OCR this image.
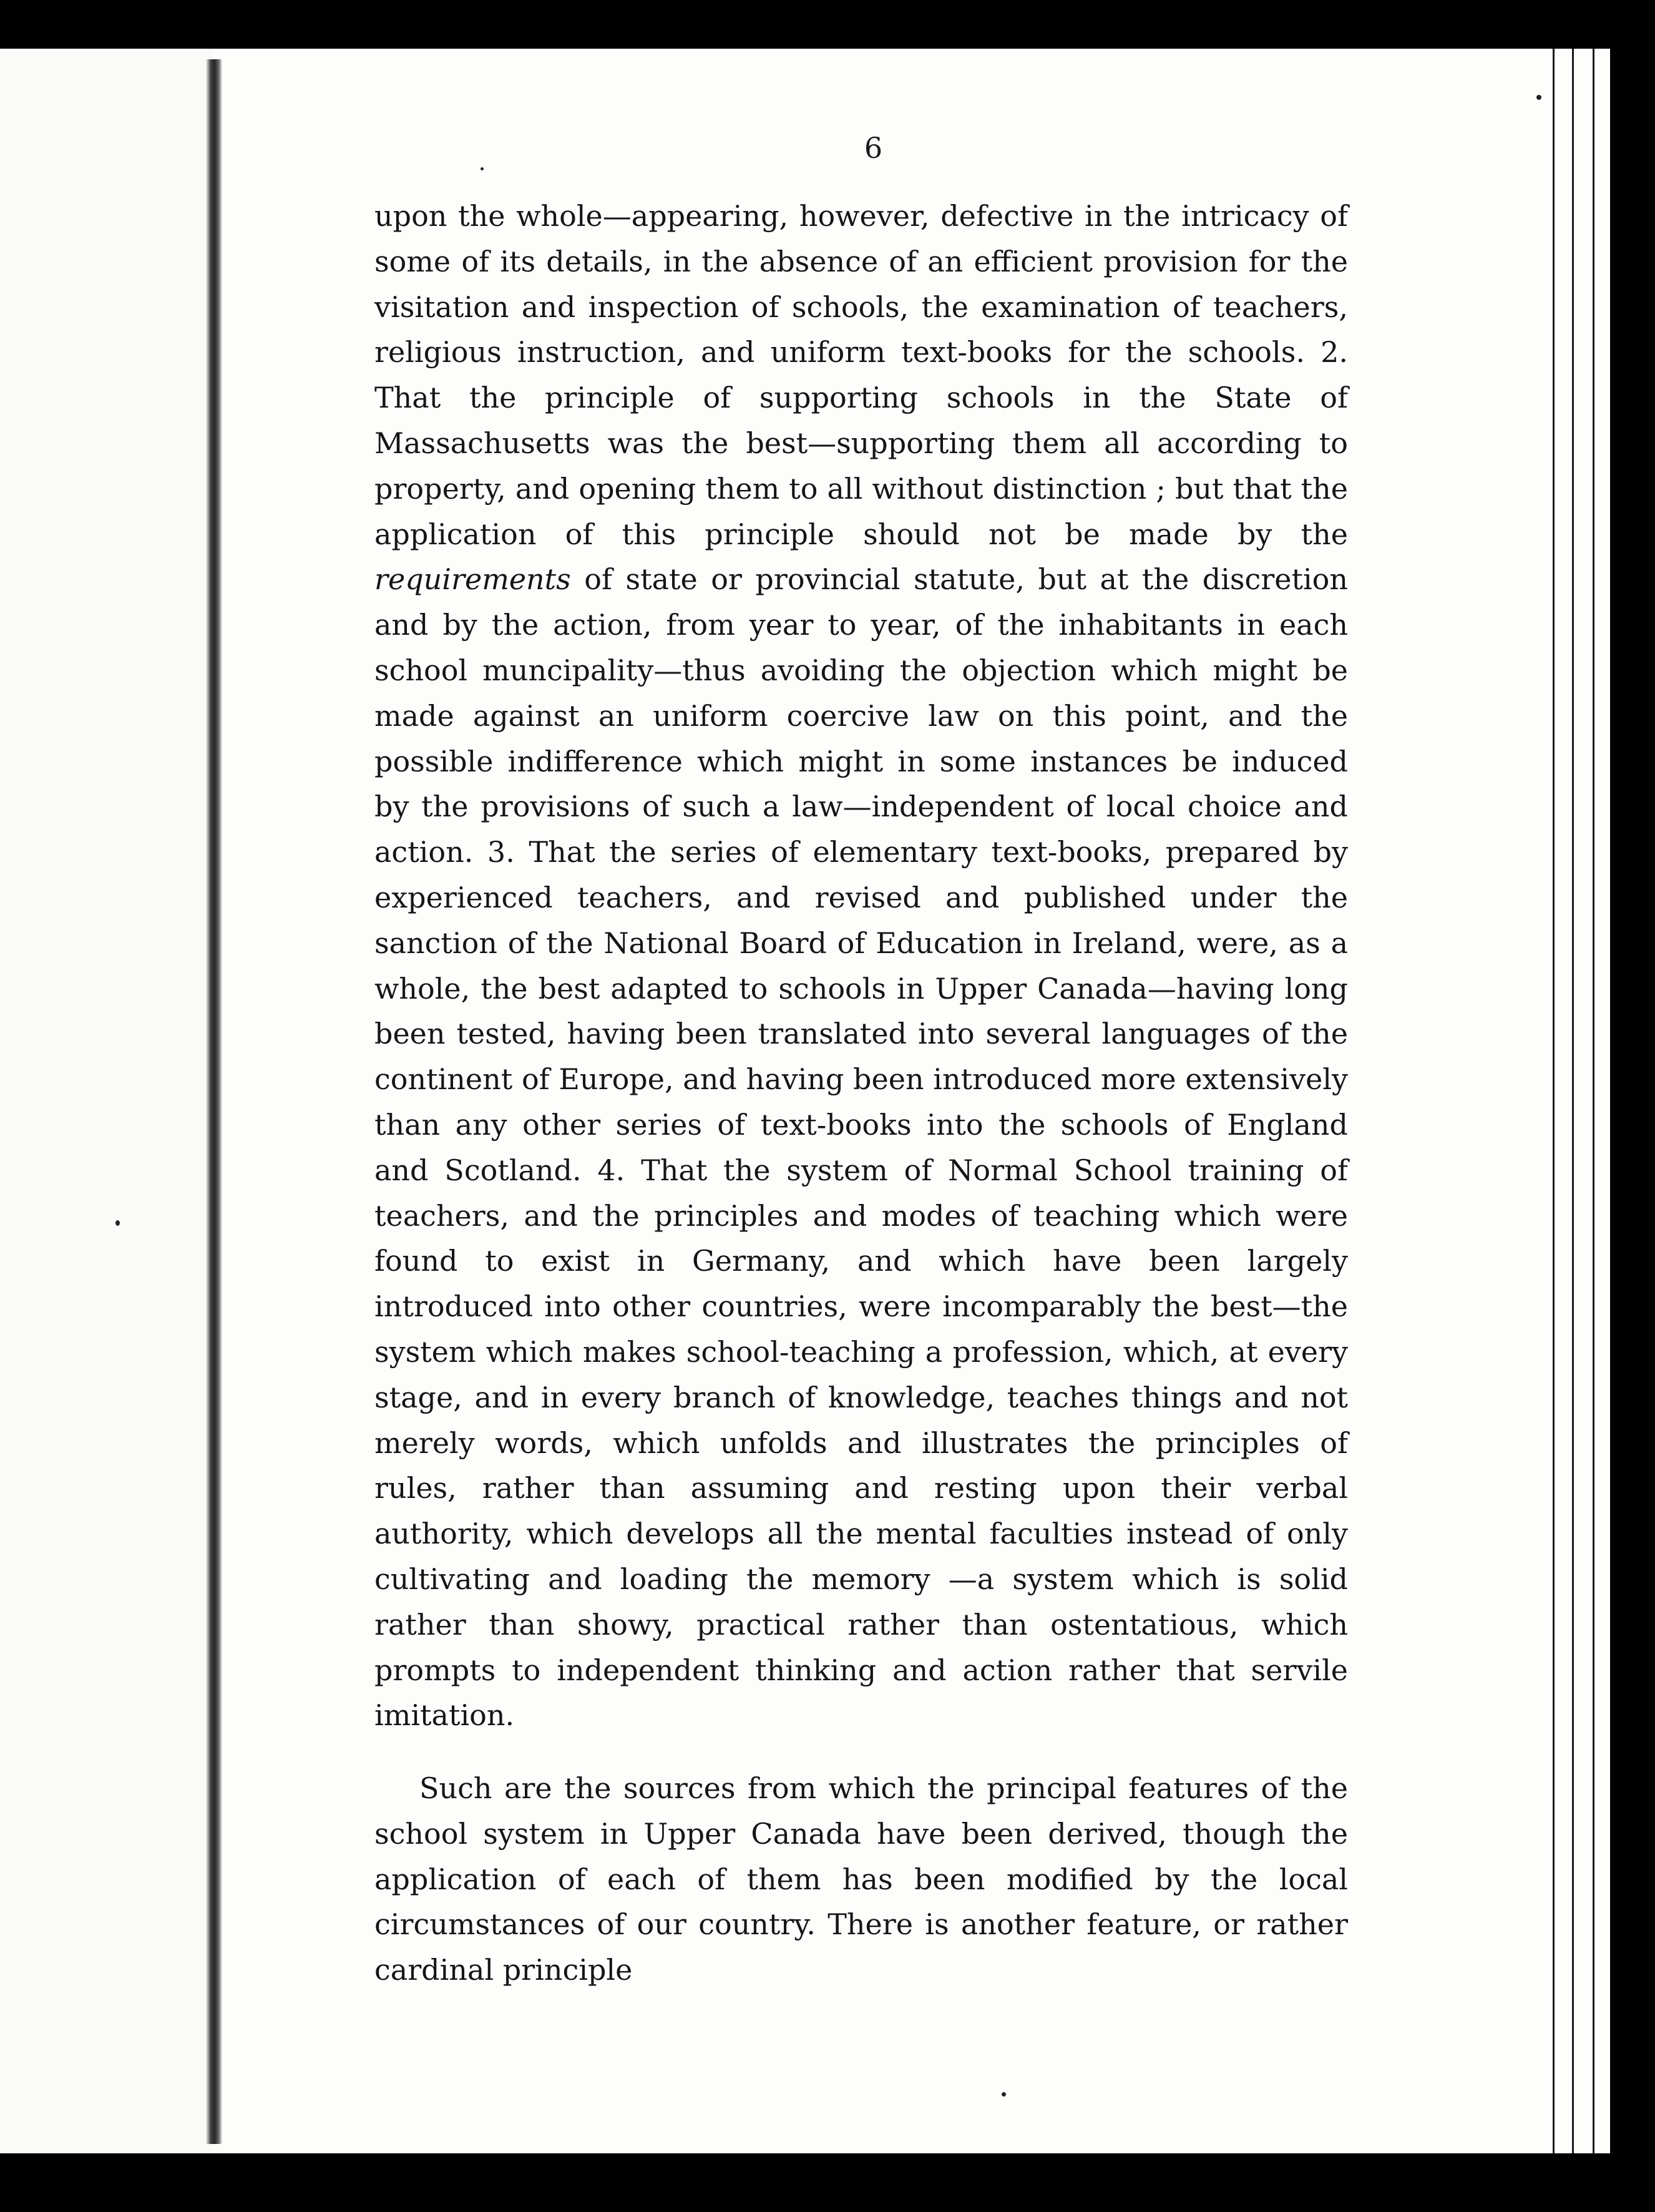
6

upon the whole—appearing, however, defective in the intricacy of some of its details, in the absence of an efficient provision for the visitation and inspection of schools, the examination of teachers, religious instruction, and uniform text-books for the schools. 2. That the principle of supporting schools in the State of Massachusetts was the best—supporting them all according to property, and opening them to all without distinction ; but that the application of this principle should not be made by the requirements of state or provincial statute, but at the discretion and by the action, from year to year, of the inhabitants in each school muncipality—thus avoiding the objection which might be made against an uniform coercive law on this point, and the possible indifference which might in some instances be induced by the provisions of such a law—independent of local choice and action. 3. That the series of elementary text-books, prepared by experienced teachers, and revised and published under the sanction of the National Board of Education in Ireland, were, as a whole, the best adapted to schools in Upper Canada—having long been tested, having been translated into several languages of the continent of Europe, and having been introduced more extensively than any other series of text-books into the schools of England and Scotland. 4. That the system of Normal School training of teachers, and the principles and modes of teaching which were found to exist in Germany, and which have been largely introduced into other countries, were incomparably the best—the system which makes school-teaching a profession, which, at every stage, and in every branch of knowledge, teaches things and not merely words, which unfolds and illustrates the principles of rules, rather than assuming and resting upon their verbal authority, which develops all the mental faculties instead of only cultivating and loading the memory —a system which is solid rather than showy, practical rather than ostentatious, which prompts to independent thinking and action rather that servile imitation.

Such are the sources from which the principal features of the school system in Upper Canada have been derived, though the application of each of them has been modified by the local circumstances of our country. There is another feature, or rather cardinal principle
